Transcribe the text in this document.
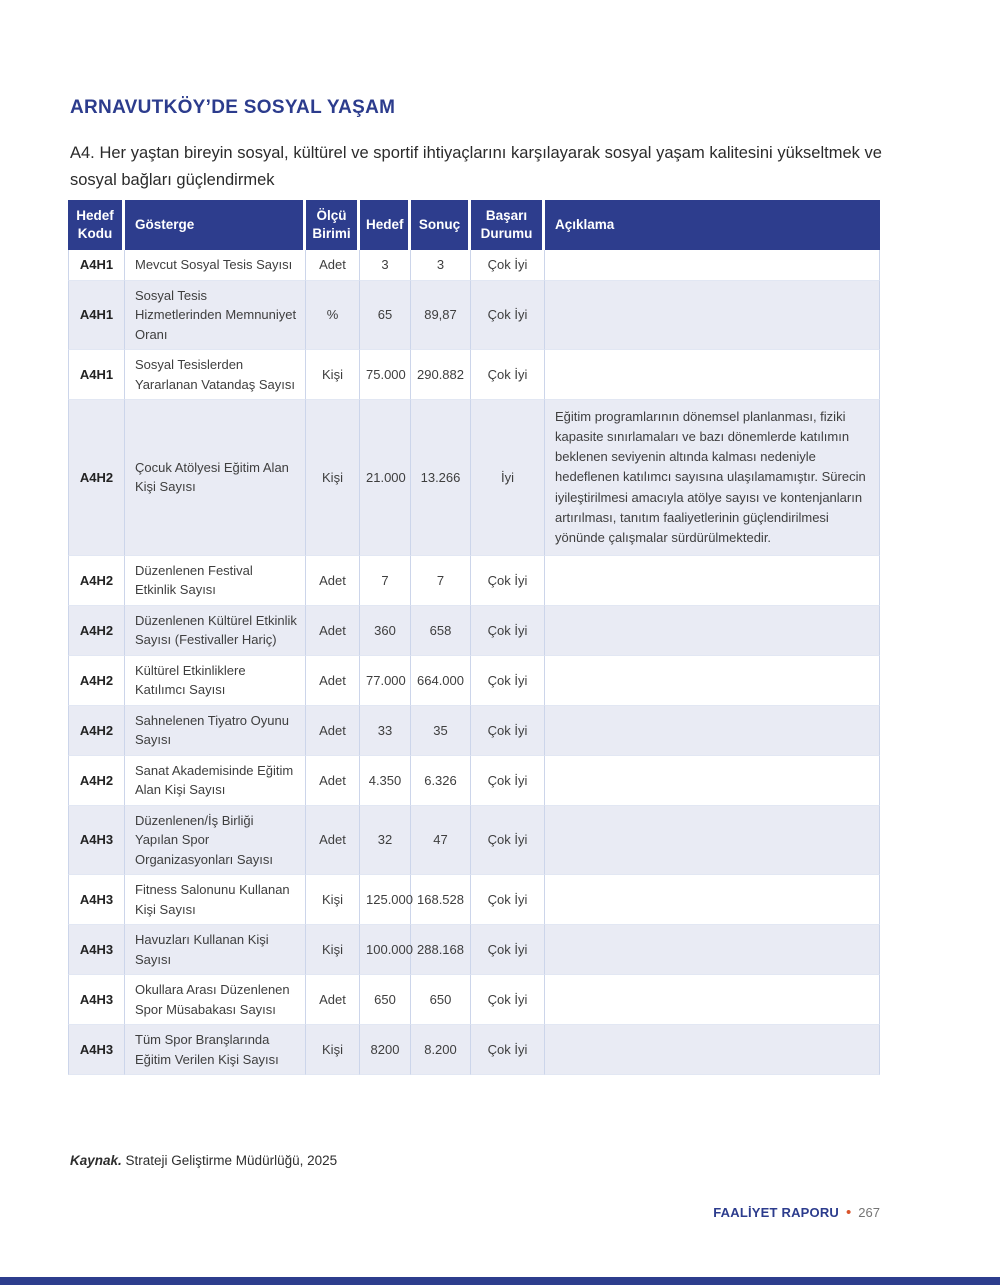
ARNAVUTKÖY’DE SOSYAL YAŞAM

A4. Her yaştan bireyin sosyal, kültürel ve sportif ihtiyaçlarını karşılayarak sosyal yaşam kalitesini yükseltmek ve sosyal bağları güçlendirmek

Hedef Kodu	Gösterge	Ölçü Birimi	Hedef	Sonuç	Başarı Durumu	Açıklama
A4H1	Mevcut Sosyal Tesis Sayısı	Adet	3	3	Çok İyi	
A4H1	Sosyal Tesis Hizmetlerinden Memnuniyet Oranı	%	65	89,87	Çok İyi	
A4H1	Sosyal Tesislerden Yararlanan Vatandaş Sayısı	Kişi	75.000	290.882	Çok İyi	
A4H2	Çocuk Atölyesi Eğitim Alan Kişi Sayısı	Kişi	21.000	13.266	İyi	Eğitim programlarının dönemsel planlanması, fiziki kapasite sınırlamaları ve bazı dönemlerde katılımın beklenen seviyenin altında kalması nedeniyle hedeflenen katılımcı sayısına ulaşılamamıştır. Sürecin iyileştirilmesi amacıyla atölye sayısı ve kontenjanların artırılması, tanıtım faaliyetlerinin güçlendirilmesi yönünde çalışmalar sürdürülmektedir.
A4H2	Düzenlenen Festival Etkinlik Sayısı	Adet	7	7	Çok İyi	
A4H2	Düzenlenen Kültürel Etkinlik Sayısı (Festivaller Hariç)	Adet	360	658	Çok İyi	
A4H2	Kültürel Etkinliklere Katılımcı Sayısı	Adet	77.000	664.000	Çok İyi	
A4H2	Sahnelenen Tiyatro Oyunu Sayısı	Adet	33	35	Çok İyi	
A4H2	Sanat Akademisinde Eğitim Alan Kişi Sayısı	Adet	4.350	6.326	Çok İyi	
A4H3	Düzenlenen/İş Birliği Yapılan Spor Organizasyonları Sayısı	Adet	32	47	Çok İyi	
A4H3	Fitness Salonunu Kullanan Kişi Sayısı	Kişi	125.000	168.528	Çok İyi	
A4H3	Havuzları Kullanan Kişi Sayısı	Kişi	100.000	288.168	Çok İyi	
A4H3	Okullara Arası Düzenlenen Spor Müsabakası Sayısı	Adet	650	650	Çok İyi	
A4H3	Tüm Spor Branşlarında Eğitim Verilen Kişi Sayısı	Kişi	8200	8.200	Çok İyi	

Kaynak. Strateji Geliştirme Müdürlüğü, 2025

FAALİYET RAPORU • 267
